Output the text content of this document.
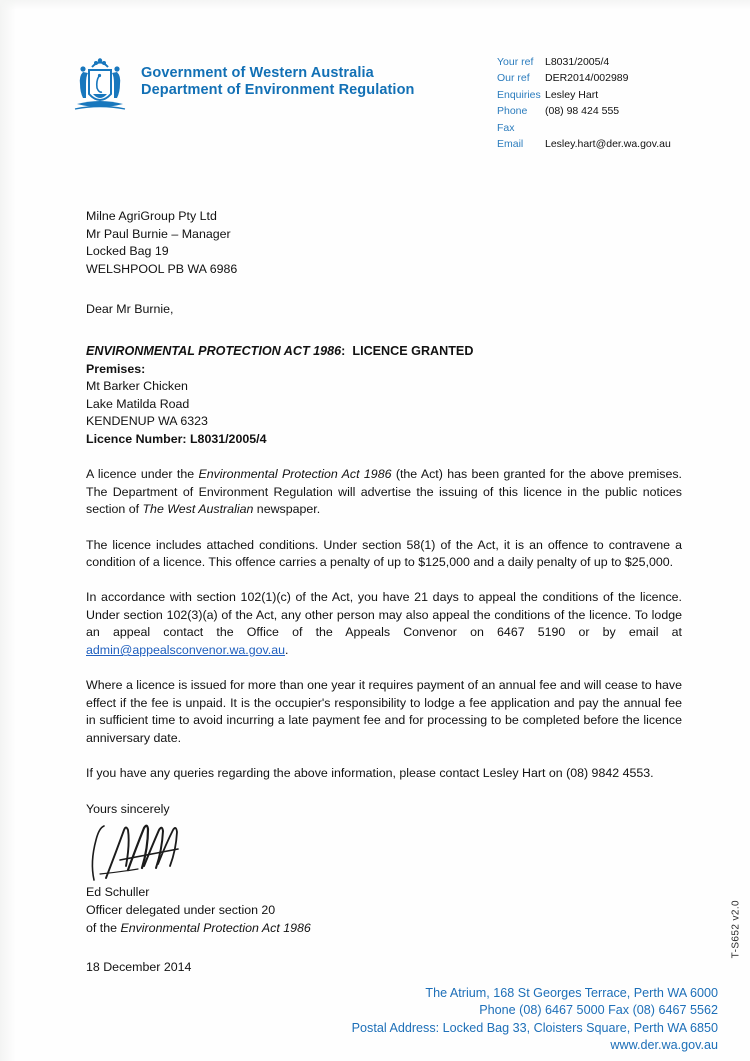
Government of Western Australia
Department of Environment Regulation
Your ref	L8031/2005/4
Our ref	DER2014/002989
Enquiries Lesley Hart
Phone	(08) 98 424 555
Fax
Email	Lesley.hart@der.wa.gov.au
Milne AgriGroup Pty Ltd
Mr Paul Burnie – Manager
Locked Bag 19
WELSHPOOL PB WA 6986
Dear Mr Burnie,
ENVIRONMENTAL PROTECTION ACT 1986: LICENCE GRANTED
Premises:
Mt Barker Chicken
Lake Matilda Road
KENDENUP WA 6323
Licence Number: L8031/2005/4

A licence under the Environmental Protection Act 1986 (the Act) has been granted for the above premises. The Department of Environment Regulation will advertise the issuing of this licence in the public notices section of The West Australian newspaper.

The licence includes attached conditions. Under section 58(1) of the Act, it is an offence to contravene a condition of a licence. This offence carries a penalty of up to $125,000 and a daily penalty of up to $25,000.

In accordance with section 102(1)(c) of the Act, you have 21 days to appeal the conditions of the licence. Under section 102(3)(a) of the Act, any other person may also appeal the conditions of the licence. To lodge an appeal contact the Office of the Appeals Convenor on 6467 5190 or by email at admin@appealsconvenor.wa.gov.au.

Where a licence is issued for more than one year it requires payment of an annual fee and will cease to have effect if the fee is unpaid. It is the occupier's responsibility to lodge a fee application and pay the annual fee in sufficient time to avoid incurring a late payment fee and for processing to be completed before the licence anniversary date.

If you have any queries regarding the above information, please contact Lesley Hart on (08) 9842 4553.

Yours sincerely
Ed Schuller
Officer delegated under section 20
of the Environmental Protection Act 1986
18 December 2014
T-S652 v2.0
The Atrium, 168 St Georges Terrace, Perth WA 6000
Phone (08) 6467 5000 Fax (08) 6467 5562
Postal Address: Locked Bag 33, Cloisters Square, Perth WA 6850
www.der.wa.gov.au
